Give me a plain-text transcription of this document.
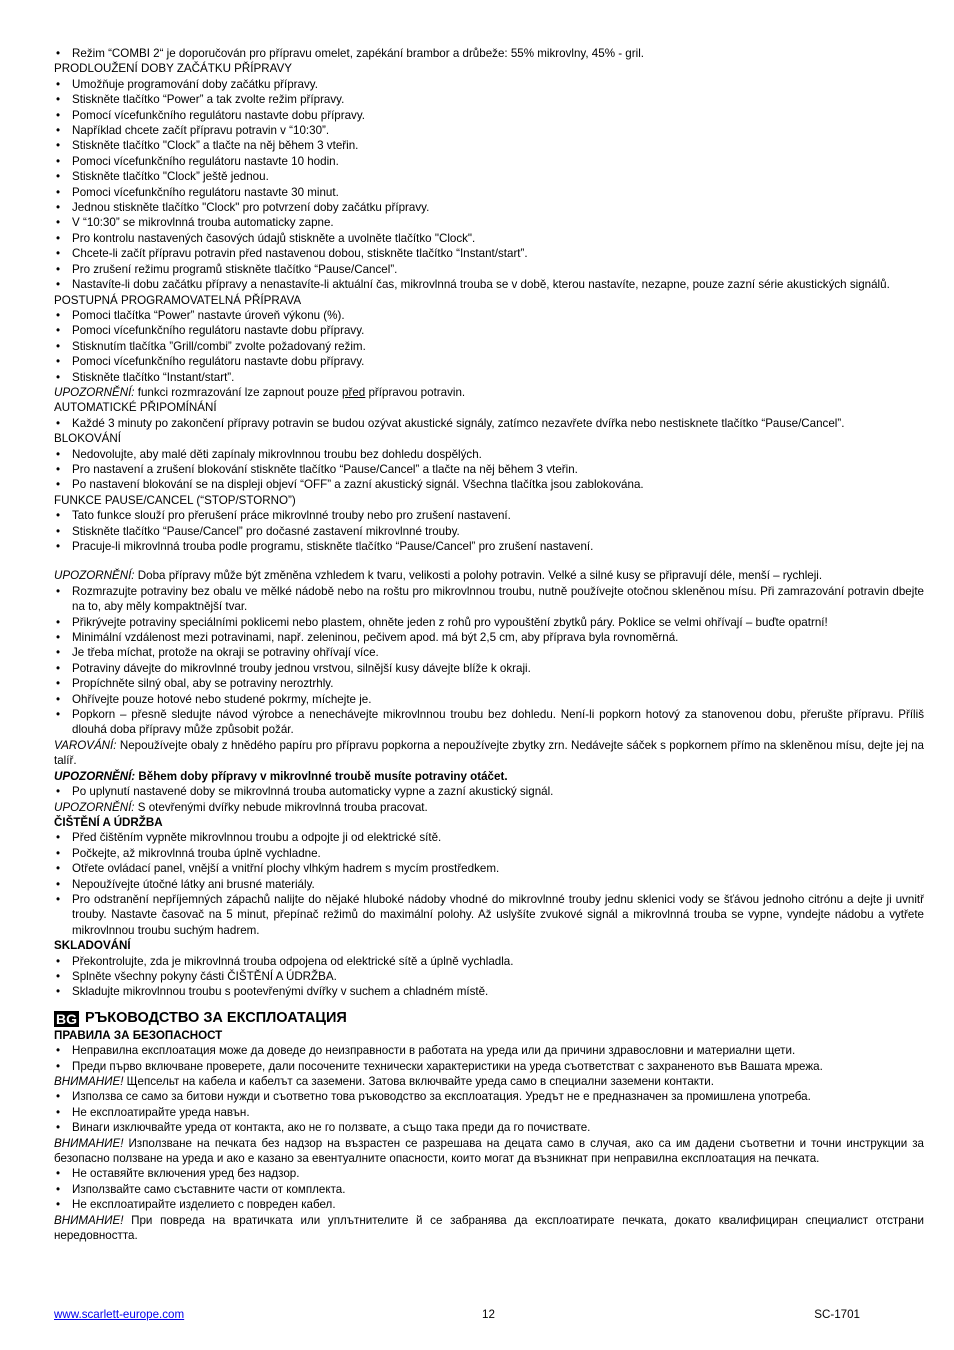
• Režim “COMBI 2“ je doporučován pro přípravu omelet, zapékání brambor a drůbeže: 55% mikrovlny, 45% - gril.

PRODLOUŽENÍ DOBY ZAČÁTKU PŘÍPRAVY

• Umožňuje programování doby začátku přípravy.
• Stiskněte tlačítko “Power” a tak zvolte režim přípravy.
• Pomocí vícefunkčního regulátoru nastavte dobu přípravy.
• Například chcete začít přípravu potravin v “10:30”.
• Stiskněte tlačítko "Clock” a tlačte na něj během 3 vteřin.
• Pomoci vícefunkčního regulátoru nastavte 10 hodin.
• Stiskněte tlačítko "Clock” ještě jednou.
• Pomoci vícefunkčního regulátoru nastavte 30 minut.
• Jednou stiskněte tlačítko "Clock" pro potvrzení doby začátku přípravy.
• V “10:30” se mikrovlnná trouba automaticky zapne.
• Pro kontrolu nastavených časových údajů stiskněte a uvolněte tlačítko "Clock".
• Chcete-li začít přípravu potravin před nastavenou dobou, stiskněte tlačítko “Instant/start”.
• Pro zrušení režimu programů stiskněte tlačítko “Pause/Cancel”.
• Nastavíte-li dobu začátku přípravy a nenastavíte-li aktuální čas, mikrovlnná trouba se v době, kterou nastavíte, nezapne, pouze zazní série akustických signálů.

POSTUPNÁ PROGRAMOVATELNÁ PŘÍPRAVA

• Pomoci tlačítka “Power” nastavte úroveň výkonu (%).
• Pomoci vícefunkčního regulátoru nastavte dobu přípravy.
• Stisknutím tlačítka ”Grill/combi” zvolte požadovaný režim.
• Pomoci vícefunkčního regulátoru nastavte dobu přípravy.
• Stiskněte tlačítko “Instant/start”.

UPOZORNĚNÍ: funkci rozmrazování lze zapnout pouze před přípravou potravin.

AUTOMATICKÉ PŘIPOMÍNÁNÍ

• Každé 3 minuty po zakončení přípravy potravin se budou ozývat akustické signály, zatímco nezavřete dvířka nebo nestisknete tlačítko “Pause/Cancel”.

BLOKOVÁNÍ

• Nedovolujte, aby malé děti zapínaly mikrovlnnou troubu bez dohledu dospělých.
• Pro nastavení a zrušení blokování stiskněte tlačítko “Pause/Cancel” a tlačte na něj během 3 vteřin.
• Po nastavení blokování se na displeji objeví “OFF” a zazní akustický signál. Všechna tlačítka jsou zablokována.

FUNKCE PAUSE/CANCEL (“STOP/STORNO”)

• Tato funkce slouží pro přerušení práce mikrovlnné trouby nebo pro zrušení nastavení.
• Stiskněte tlačítko “Pause/Cancel” pro dočasné zastavení mikrovlnné trouby.
• Pracuje-li mikrovlnná trouba podle programu, stiskněte tlačítko “Pause/Cancel” pro zrušení nastavení.

UPOZORNĚNÍ: Doba přípravy může být změněna vzhledem k tvaru, velikosti a polohy potravin. Velké a silné kusy se připravují déle, menší – rychleji.

• Rozmrazujte potraviny bez obalu ve mělké nádobě nebo na roštu pro mikrovlnnou troubu, nutně používejte otočnou skleněnou mísu. Při zamrazování potravin dbejte na to, aby měly kompaktnější tvar.
• Přikrývejte potraviny speciálními poklicemi nebo plastem, ohněte jeden z rohů pro vypouštění zbytků páry. Poklice se velmi ohřívají – buďte opatrní!
• Minimální vzdálenost mezi potravinami, např. zeleninou, pečivem apod. má být 2,5 cm, aby příprava byla rovnoměrná.
• Je třeba míchat, protože na okraji se potraviny ohřívají více.
• Potraviny dávejte do mikrovlnné trouby jednou vrstvou, silnější kusy dávejte blíže k okraji.
• Propíchněte silný obal, aby se potraviny neroztrhly.
• Ohřívejte pouze hotové nebo studené pokrmy, míchejte je.
• Popkorn – přesně sledujte návod výrobce a nenechávejte mikrovlnnou troubu bez dohledu. Není-li popkorn hotový za stanovenou dobu, přerušte přípravu. Příliš dlouhá doba přípravy může způsobit požár.

VAROVÁNÍ: Nepoužívejte obaly z hnědého papíru pro přípravu popkorna a nepoužívejte zbytky zrn. Nedávejte sáček s popkornem přímo na skleněnou mísu, dejte jej na talíř.

UPOZORNĚNÍ: Během doby přípravy v mikrovlnné troubě musíte potraviny otáčet.

• Po uplynutí nastavené doby se mikrovlnná trouba automaticky vypne a zazní akustický signál.

UPOZORNĚNÍ: S otevřenými dvířky nebude mikrovlnná trouba pracovat.

ČIŠTĚNÍ A ÚDRŽBA

• Před čištěním vypněte mikrovlnnou troubu a odpojte ji od elektrické sítě.
• Počkejte, až mikrovlnná trouba úplně vychladne.
• Otřete ovládací panel, vnější a vnitřní plochy vlhkým hadrem s mycím prostředkem.
• Nepoužívejte útočné látky ani brusné materiály.
• Pro odstranění nepříjemných zápachů nalijte do nějaké hluboké nádoby vhodné do mikrovlnné trouby jednu sklenici vody se šťávou jednoho citrónu a dejte ji uvnitř trouby. Nastavte časovač na 5 minut, přepínač režimů do maximální polohy. Až uslyšíte zvukové signál a mikrovlnná trouba se vypne, vyndejte nádobu a vytřete mikrovlnnou troubu suchým hadrem.

SKLADOVÁNÍ

• Překontrolujte, zda je mikrovlnná trouba odpojena od elektrické sítě a úplně vychladla.
• Splněte všechny pokyny části ČIŠTĚNÍ A ÚDRŽBA.
• Skladujte mikrovlnnou troubu s pootevřenými dvířky v suchem a chladném místě.
BG РЪКОВОДСТВО ЗА ЕКСПЛОАТАЦИЯ

ПРАВИЛА ЗА БЕЗОПАСНОСТ

• Неправилна експлоатация може да доведе до неизправности в работата на уреда или да причини здравословни и материални щети.
• Преди първо включване проверете, дали посочените технически характеристики на уреда съответстват с захраненото във Вашата мрежа.

ВНИМАНИЕ! Щепсельт на кабела и кабелът са заземени. Затова включвайте уреда само в специални заземени контакти.

• Използва се само за битови нужди и съответно това ръководство за експлоатация. Уредът не е предназначен за промишлена употреба.
• Не експлоатирайте уреда навън.
• Винаги изключвайте уреда от контакта, ако не го ползвате, а също така преди да го почиствате.

ВНИМАНИЕ! Използване на печката без надзор на възрастен се разрешава на децата само в случая, ако са им дадени съответни и точни инструкции за безопасно ползване на уреда и ако е казано за евентуалните опасности, които могат да възникнат при неправилна експлоатация на печката.

• Не оставяйте включения уред без надзор.
• Използвайте само съставните части от комплекта.
• Не експлоатирайте изделието с повреден кабел.

ВНИМАНИЕ! При повреда на вратичката или уплътнителите й се забранява да експлоатирате печката, докато квалифициран специалист отстрани нередовността.

www.scarlett-europe.com	12	SC-1701
